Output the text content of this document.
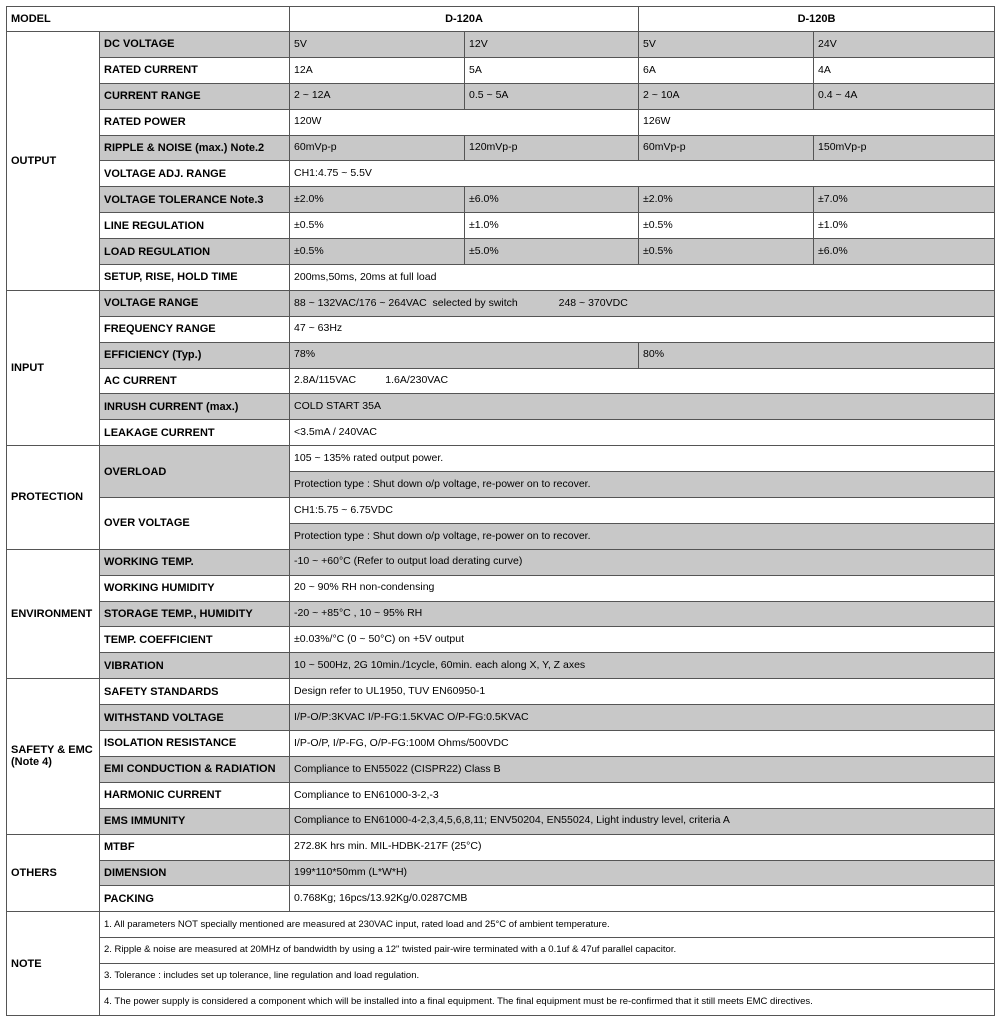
MODEL		D-120A		D-120B	
OUTPUT	DC VOLTAGE	5V	12V	5V	24V
	RATED CURRENT	12A	5A	6A	4A
	CURRENT RANGE	2 ~ 12A	0.5 ~ 5A	2 ~ 10A	0.4 ~ 4A
	RATED POWER	120W		126W	
	RIPPLE & NOISE (max.) Note.2	60mVp-p	120mVp-p	60mVp-p	150mVp-p
	VOLTAGE ADJ. RANGE	CH1:4.75 ~ 5.5V			
	VOLTAGE TOLERANCE Note.3	±2.0%	±6.0%	±2.0%	±7.0%
	LINE REGULATION	±0.5%	±1.0%	±0.5%	±1.0%
	LOAD REGULATION	±0.5%	±5.0%	±0.5%	±6.0%
	SETUP, RISE, HOLD TIME	200ms,50ms, 20ms at full load			
INPUT	VOLTAGE RANGE	88 ~ 132VAC/176 ~ 264VAC  selected by switch              248 ~ 370VDC			
	FREQUENCY RANGE	47 ~ 63Hz			
	EFFICIENCY (Typ.)	78%		80%	
	AC CURRENT	2.8A/115VAC          1.6A/230VAC			
	INRUSH CURRENT (max.)	COLD START 35A			
	LEAKAGE CURRENT	<3.5mA / 240VAC			
PROTECTION	OVERLOAD	105 ~ 135% rated output power.			
		Protection type : Shut down o/p voltage, re-power on to recover.			
	OVER VOLTAGE	CH1:5.75 ~ 6.75VDC			
		Protection type : Shut down o/p voltage, re-power on to recover.			
ENVIRONMENT	WORKING TEMP.	-10 ~ +60°C (Refer to output load derating curve)			
	WORKING HUMIDITY	20 ~ 90% RH non-condensing			
	STORAGE TEMP., HUMIDITY	-20 ~ +85°C , 10 ~ 95% RH			
	TEMP. COEFFICIENT	±0.03%/°C (0 ~ 50°C) on +5V output			
	VIBRATION	10 ~ 500Hz, 2G 10min./1cycle, 60min. each along X, Y, Z axes			
SAFETY & EMC (Note 4)	SAFETY STANDARDS	Design refer to UL1950, TUV EN60950-1			
	WITHSTAND VOLTAGE	I/P-O/P:3KVAC I/P-FG:1.5KVAC O/P-FG:0.5KVAC			
	ISOLATION RESISTANCE	I/P-O/P, I/P-FG, O/P-FG:100M Ohms/500VDC			
	EMI CONDUCTION & RADIATION	Compliance to EN55022 (CISPR22) Class B			
	HARMONIC CURRENT	Compliance to EN61000-3-2,-3			
	EMS IMMUNITY	Compliance to EN61000-4-2,3,4,5,6,8,11; ENV50204, EN55024, Light industry level, criteria A			
OTHERS	MTBF	272.8K hrs min. MIL-HDBK-217F (25°C)			
	DIMENSION	199*110*50mm (L*W*H)			
	PACKING	0.768Kg; 16pcs/13.92Kg/0.0287CMB			
NOTE	1. All parameters NOT specially mentioned are measured at 230VAC input, rated load and 25°C of ambient temperature.				
	2. Ripple & noise are measured at 20MHz of bandwidth by using a 12" twisted pair-wire terminated with a 0.1uf & 47uf parallel capacitor.				
	3. Tolerance : includes set up tolerance, line regulation and load regulation.				
	4. The power supply is considered a component which will be installed into a final equipment. The final equipment must be re-confirmed that it still meets EMC directives.				
